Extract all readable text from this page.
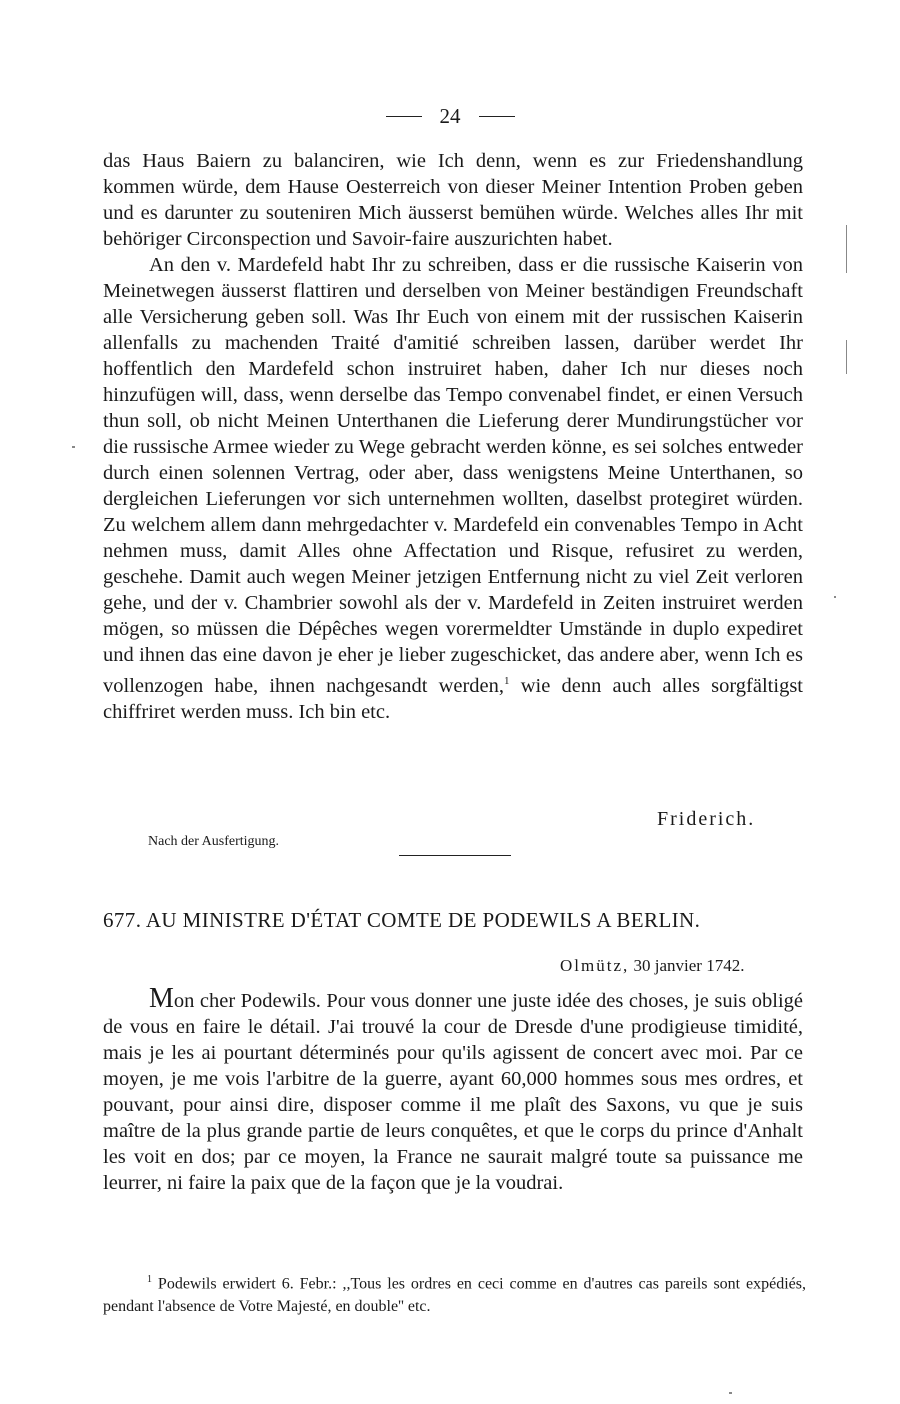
24

das Haus Baiern zu balanciren, wie Ich denn, wenn es zur Friedenshandlung kommen würde, dem Hause Oesterreich von dieser Meiner Intention Proben geben und es darunter zu souteniren Mich äusserst bemühen würde. Welches alles Ihr mit behöriger Circonspection und Savoir-faire auszurichten habet.

An den v. Mardefeld habt Ihr zu schreiben, dass er die russische Kaiserin von Meinetwegen äusserst flattiren und derselben von Meiner beständigen Freundschaft alle Versicherung geben soll. Was Ihr Euch von einem mit der russischen Kaiserin allenfalls zu machenden Traité d'amitié schreiben lassen, darüber werdet Ihr hoffentlich den Mardefeld schon instruiret haben, daher Ich nur dieses noch hinzufügen will, dass, wenn derselbe das Tempo convenabel findet, er einen Versuch thun soll, ob nicht Meinen Unterthanen die Lieferung derer Mundirungstücher vor die russische Armee wieder zu Wege gebracht werden könne, es sei solches entweder durch einen solennen Vertrag, oder aber, dass wenigstens Meine Unterthanen, so dergleichen Lieferungen vor sich unternehmen wollten, daselbst protegiret würden. Zu welchem allem dann mehrgedachter v. Mardefeld ein convenables Tempo in Acht nehmen muss, damit Alles ohne Affectation und Risque, refusiret zu werden, geschehe. Damit auch wegen Meiner jetzigen Entfernung nicht zu viel Zeit verloren gehe, und der v. Chambrier sowohl als der v. Mardefeld in Zeiten instruiret werden mögen, so müssen die Dépêches wegen vorermeldter Umstände in duplo expediret und ihnen das eine davon je eher je lieber zugeschicket, das andere aber, wenn Ich es vollenzogen habe, ihnen nachgesandt werden,$^1$ wie denn auch alles sorgfältigst chiffriret werden muss. Ich bin etc.

Friderich.
Nach der Ausfertigung.
677. AU MINISTRE D'ÉTAT COMTE DE PODEWILS A BERLIN.
Olmütz, 30 janvier 1742.

Mon cher Podewils. Pour vous donner une juste idée des choses, je suis obligé de vous en faire le détail. J'ai trouvé la cour de Dresde d'une prodigieuse timidité, mais je les ai pourtant déterminés pour qu'ils agissent de concert avec moi. Par ce moyen, je me vois l'arbitre de la guerre, ayant 60,000 hommes sous mes ordres, et pouvant, pour ainsi dire, disposer comme il me plaît des Saxons, vu que je suis maître de la plus grande partie de leurs conquêtes, et que le corps du prince d'Anhalt les voit en dos; par ce moyen, la France ne saurait malgré toute sa puissance me leurrer, ni faire la paix que de la façon que je la voudrai.

$^1$ Podewils erwidert 6. Febr.: ,,Tous les ordres en ceci comme en d'autres cas pareils sont expédiés, pendant l'absence de Votre Majesté, en double'' etc.
